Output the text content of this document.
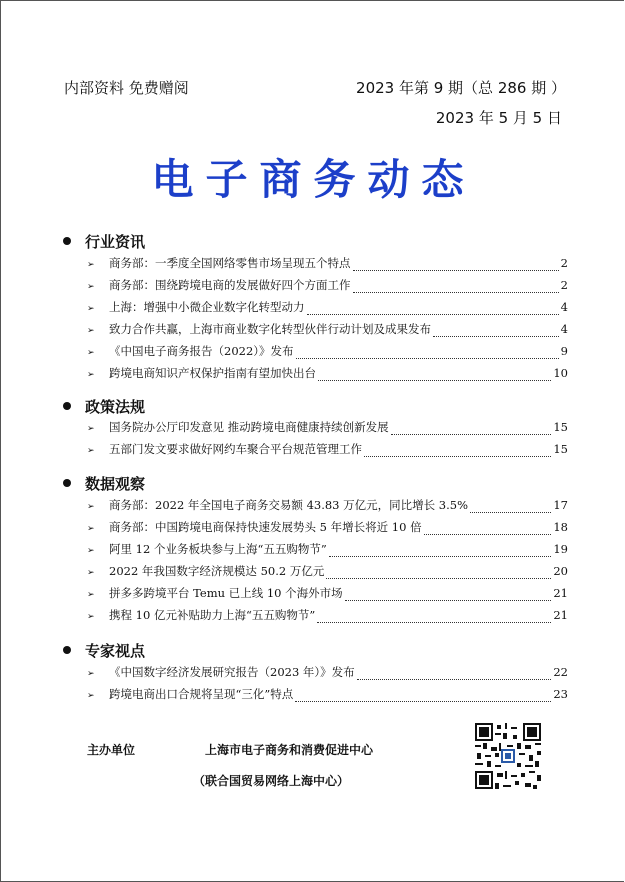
内部资料 免费赠阅	2023 年第 9 期（总 286 期 ）
2023 年 5 月 5 日
电子商务动态
行业资讯
➢	商务部：一季度全国网络零售市场呈现五个特点	2
➢	商务部：围绕跨境电商的发展做好四个方面工作	2
➢	上海：增强中小微企业数字化转型动力	4
➢	致力合作共赢，上海市商业数字化转型伙伴行动计划及成果发布	4
➢	《中国电子商务报告（2022）》发布	9
➢	跨境电商知识产权保护指南有望加快出台	10
政策法规
➢	国务院办公厅印发意见 推动跨境电商健康持续创新发展	15
➢	五部门发文要求做好网约车聚合平台规范管理工作	15
数据观察
➢	商务部：2022 年全国电子商务交易额 43.83 万亿元，同比增长 3.5%	17
➢	商务部：中国跨境电商保持快速发展势头 5 年增长将近 10 倍	18
➢	阿里 12 个业务板块参与上海“五五购物节”	19
➢	2022 年我国数字经济规模达 50.2 万亿元	20
➢	拼多多跨境平台 Temu 已上线 10 个海外市场	21
➢	携程 10 亿元补贴助力上海“五五购物节”	21
专家视点
➢	《中国数字经济发展研究报告（2023 年）》发布	22
➢	跨境电商出口合规将呈现“三化”特点	23
主办单位	上海市电子商务和消费促进中心
（联合国贸易网络上海中心）
